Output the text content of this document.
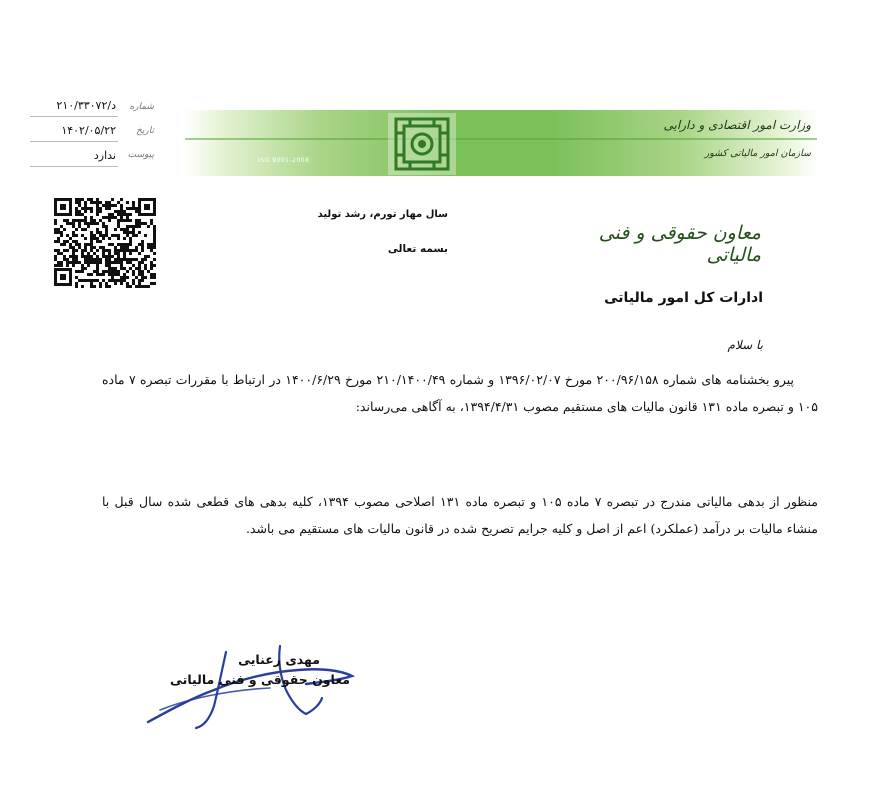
ISO 9001-2008
وزارت امور اقتصادی و دارایی
سازمان امور مالیاتی کشور
شماره
د/۲۱۰/۳۳۰۷۲
تاریخ
۱۴۰۲/۰۵/۲۲
پیوست
ندارد
سال مهار تورم، رشد تولید
بسمه تعالی
معاون حقوقی و فنی مالیاتی
ادارات کل امور مالیاتی
با سلام
پیرو بخشنامه های شماره ۲۰۰/۹۶/۱۵۸ مورخ ۱۳۹۶/۰۲/۰۷ و شماره ۲۱۰/۱۴۰۰/۴۹ مورخ ۱۴۰۰/۶/۲۹ در ارتباط با مقررات تبصره ۷ ماده ۱۰۵ و تبصره ماده ۱۳۱ قانون مالیات های مستقیم مصوب ۱۳۹۴/۴/۳۱، به آگاهی می‌رساند:
منظور از بدهی مالیاتی مندرج در تبصره ۷ ماده ۱۰۵ و تبصره ماده ۱۳۱ اصلاحی مصوب ۱۳۹۴، کلیه بدهی های قطعی شده سال قبل با منشاء مالیات بر درآمد (عملکرد) اعم از اصل و کلیه جرایم تصریح شده در قانون مالیات های مستقیم می باشد.
مهدی رعنایی
معاون حقوقی و فنی مالیاتی
